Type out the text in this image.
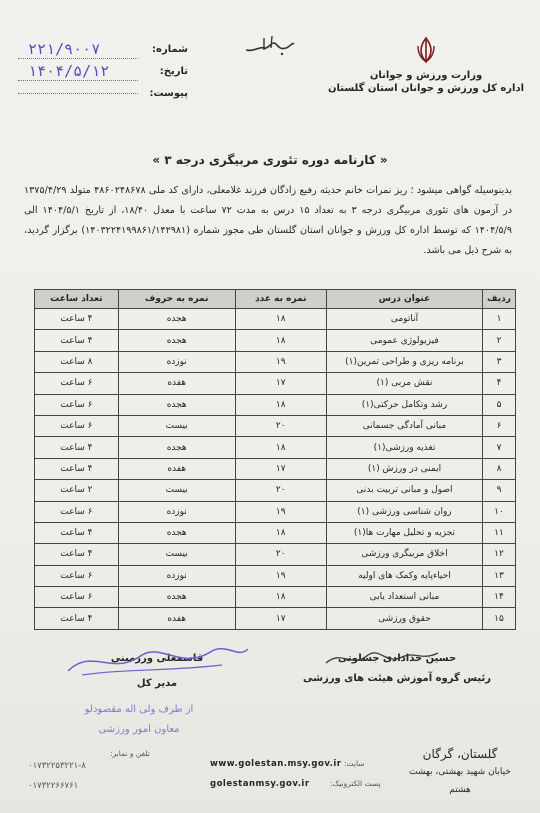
وزارت ورزش و جوانان
اداره کل ورزش و جوانان استان گلستان
شماره:
۲۲۱/۹۰۰۷
تاریخ:
۱۴۰۴/۵/۱۲
پیوست:
« کارنامه دوره تئوری مربیگری درجه ۳ »
بدینوسیله گواهی میشود ؛ ریز نمرات خانم حدیثه رفیع زادگان فرزند غلامعلی، دارای کد ملی ۴۸۶۰۲۴۸۶۷۸ متولد ۱۳۷۵/۴/۲۹ در آزمون های تئوری مربیگری درجه ۳ به تعداد ۱۵ درس به مدت ۷۲ ساعت با معدل ۱۸/۴۰، از تاریخ ۱۴۰۴/۵/۱ الی ۱۴۰۴/۵/۹ که توسط اداره کل ورزش و جوانان استان گلستان طی مجوز شماره (۱۴۰۳۲۲۴۱۹۹۸۶۱/۱۴۲۹۸۱) برگزار گردید، به شرح ذیل می باشد.
ردیف	عنوان درس	نمره به عدد	نمره به حروف	تعداد ساعت
۱	آناتومی	۱۸	هجده	۴ ساعت
۲	فیزیولوژی عمومی	۱۸	هجده	۴ ساعت
۳	برنامه ریزی و طراحی تمرین(۱)	۱۹	نوزده	۸ ساعت
۴	نقش مربی (۱)	۱۷	هفده	۶ ساعت
۵	رشد وتکامل حرکتی(۱)	۱۸	هجده	۶ ساعت
۶	مبانی آمادگی جسمانی	۲۰	بیست	۶ ساعت
۷	تغذیه ورزشی(۱)	۱۸	هجده	۴ ساعت
۸	ایمنی در ورزش (۱)	۱۷	هفده	۴ ساعت
۹	اصول و مبانی تربیت بدنی	۲۰	بیست	۲ ساعت
۱۰	روان شناسی ورزشی (۱)	۱۹	نوزده	۶ ساعت
۱۱	تجزیه و تحلیل مهارت ها(۱)	۱۸	هجده	۴ ساعت
۱۲	اخلاق مربیگری ورزشی	۲۰	بیست	۴ ساعت
۱۳	احیاءپایه وکمک های اولیه	۱۹	نوزده	۶ ساعت
۱۴	مبانی استعداد یابی	۱۸	هجده	۶ ساعت
۱۵	حقوق ورزشی	۱۷	هفده	۴ ساعت
حسین خدادادی جسلوتی
رئیس گروه آموزش هیئت های ورزشی
قاسمعلی ورزمینی
مدیر کل
از طرف ولی اله مقصودلو
معاون امور ورزشی
سایت:
پست الکترونیک:
www.golestan.msy.gov.ir
golestanmsy.gov.ir
تلفن و نمابر:
۰۱۷۳۲۲۵۳۲۲۱-۸
۰۱۷۳۲۲۶۶۷۶۱
گلستان، گرگان
خیابان شهید بهشتی، بهشت هشتم
